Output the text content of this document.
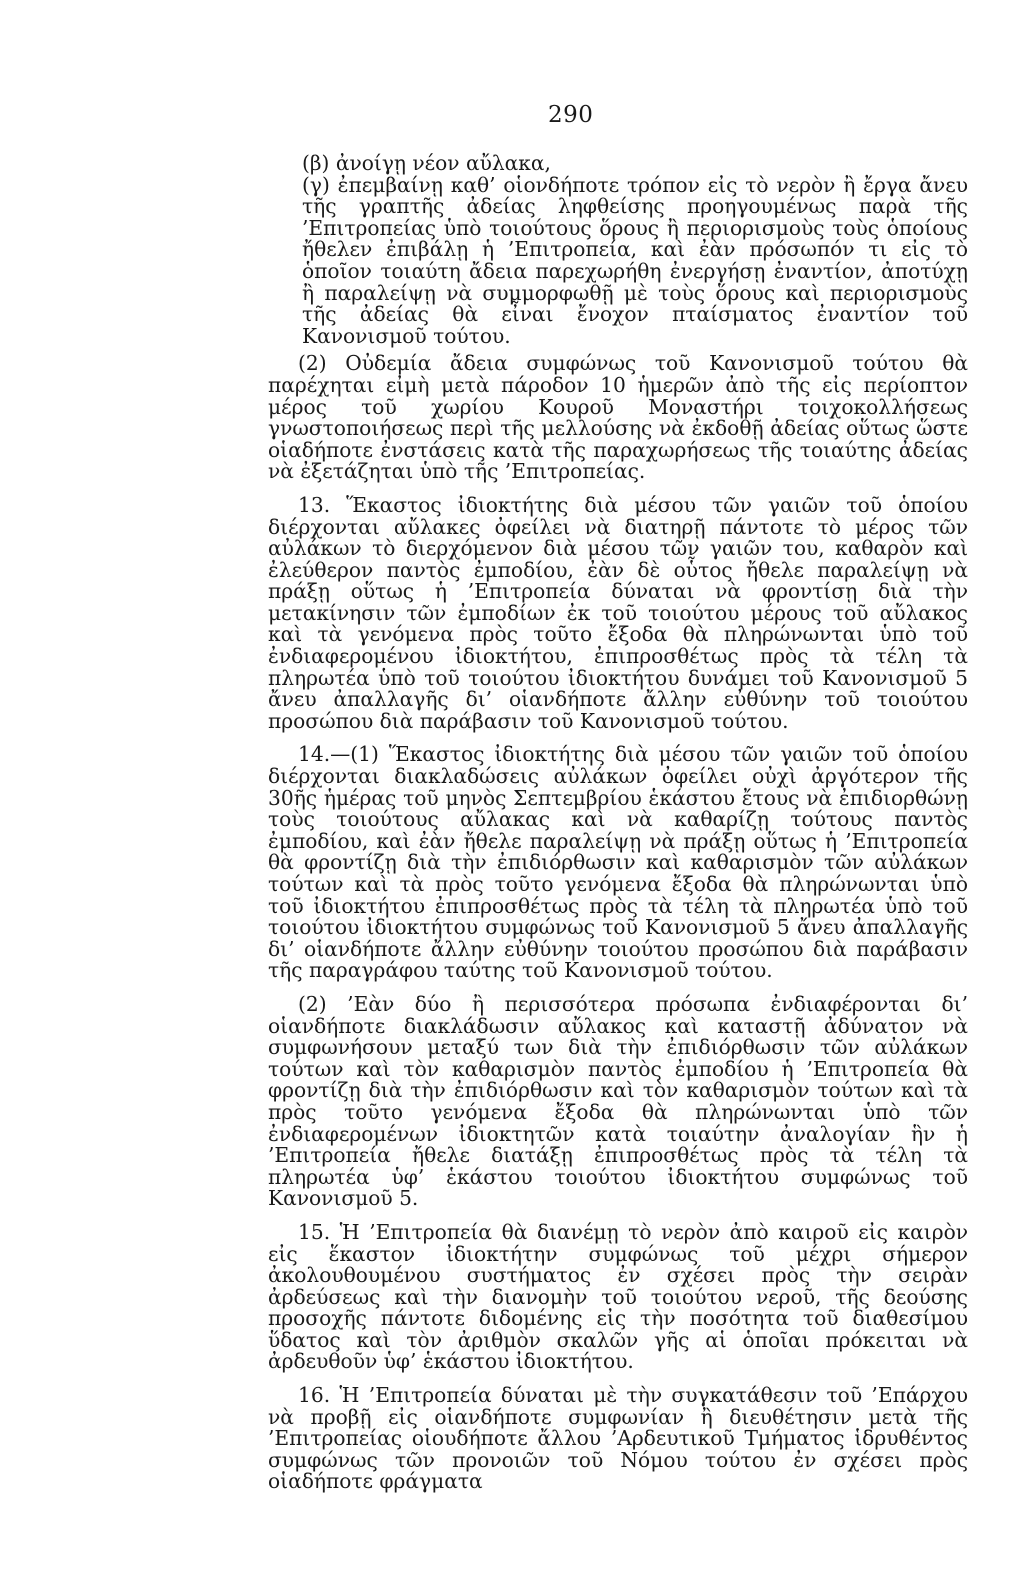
290

(β) ἀνοίγῃ νέον αὔλακα,

(γ) ἐπεμβαίνῃ καθ’ οἱονδήποτε τρόπον εἰς τὸ νερὸν ἢ ἔργα ἄνευ τῆς γραπτῆς ἀδείας ληφθείσης προηγουμένως παρὰ τῆς ’Επιτροπείας ὑπὸ τοιούτους ὅρους ἢ περιορισμοὺς τοὺς ὁποίους ἤθελεν ἐπιβάλῃ ἡ ’Επιτροπεία, καὶ ἐὰν πρόσωπόν τι εἰς τὸ ὁποῖον τοιαύτη ἄδεια παρεχωρήθη ἐνεργήσῃ ἐναντίον, ἀποτύχῃ ἢ παραλείψῃ νὰ συμμορφωθῇ μὲ τοὺς ὅρους καὶ περιορισμοὺς τῆς ἀδείας θὰ εἶναι ἔνοχον πταίσματος ἐναντίον τοῦ Κανονισμοῦ τούτου.

(2) Οὐδεμία ἄδεια συμφώνως τοῦ Κανονισμοῦ τούτου θὰ παρέχηται εἰμὴ μετὰ πάροδον 10 ἡμερῶν ἀπὸ τῆς εἰς περίοπτον μέρος τοῦ χωρίου Κουροῦ Μοναστήρι τοιχοκολλήσεως γνωστοποιήσεως περὶ τῆς μελλούσης νὰ ἐκδοθῇ ἀδείας οὕτως ὥστε οἱαδήποτε ἐνστάσεις κατὰ τῆς παραχωρήσεως τῆς τοιαύτης ἀδείας νὰ ἐξετάζηται ὑπὸ τῆς ’Επιτροπείας.

13. Ἕκαστος ἰδιοκτήτης διὰ μέσου τῶν γαιῶν τοῦ ὁποίου διέρχονται αὔλακες ὀφείλει νὰ διατηρῇ πάντοτε τὸ μέρος τῶν αὐλάκων τὸ διερχόμενον διὰ μέσου τῶν γαιῶν του, καθαρὸν καὶ ἐλεύθερον παντὸς ἐμποδίου, ἐὰν δὲ οὗτος ἤθελε παραλείψῃ νὰ πράξῃ οὕτως ἡ ’Επιτροπεία δύναται νὰ φροντίσῃ διὰ τὴν μετακίνησιν τῶν ἐμποδίων ἐκ τοῦ τοιούτου μέρους τοῦ αὔλακος καὶ τὰ γενόμενα πρὸς τοῦτο ἔξοδα θὰ πληρώνωνται ὑπὸ τοῦ ἐνδιαφερομένου ἰδιοκτήτου, ἐπιπροσθέτως πρὸς τὰ τέλη τὰ πληρωτέα ὑπὸ τοῦ τοιούτου ἰδιοκτήτου δυνάμει τοῦ Κανονισμοῦ 5 ἄνευ ἀπαλλαγῆς δι’ οἱανδήποτε ἄλλην εὐθύνην τοῦ τοιούτου προσώπου διὰ παράβασιν τοῦ Κανονισμοῦ τούτου.

14.—(1) Ἕκαστος ἰδιοκτήτης διὰ μέσου τῶν γαιῶν τοῦ ὁποίου διέρχονται διακλαδώσεις αὐλάκων ὀφείλει οὐχὶ ἀργότερον τῆς 30ῆς ἡμέρας τοῦ μηνὸς Σεπτεμβρίου ἑκάστου ἔτους νὰ ἐπιδιορθώνῃ τοὺς τοιούτους αὔλακας καὶ νὰ καθαρίζῃ τούτους παντὸς ἐμποδίου, καὶ ἐὰν ἤθελε παραλείψῃ νὰ πράξῃ οὕτως ἡ ’Επιτροπεία θὰ φροντίζῃ διὰ τὴν ἐπιδιόρθωσιν καὶ καθαρισμὸν τῶν αὐλάκων τούτων καὶ τὰ πρὸς τοῦτο γενόμενα ἔξοδα θὰ πληρώνωνται ὑπὸ τοῦ ἰδιοκτήτου ἐπιπροσθέτως πρὸς τὰ τέλη τὰ πληρωτέα ὑπὸ τοῦ τοιούτου ἰδιοκτήτου συμφώνως τοῦ Κανονισμοῦ 5 ἄνευ ἀπαλλαγῆς δι’ οἱανδήποτε ἄλλην εὐθύνην τοιούτου προσώπου διὰ παράβασιν τῆς παραγράφου ταύτης τοῦ Κανονισμοῦ τούτου.

(2) ’Εὰν δύο ἢ περισσότερα πρόσωπα ἐνδιαφέρονται δι’ οἱανδήποτε διακλάδωσιν αὔλακος καὶ καταστῇ ἀδύνατον νὰ συμφωνήσουν μεταξύ των διὰ τὴν ἐπιδιόρθωσιν τῶν αὐλάκων τούτων καὶ τὸν καθαρισμὸν παντὸς ἐμποδίου ἡ ’Επιτροπεία θὰ φροντίζῃ διὰ τὴν ἐπιδιόρθωσιν καὶ τὸν καθαρισμὸν τούτων καὶ τὰ πρὸς τοῦτο γενόμενα ἔξοδα θὰ πληρώνωνται ὑπὸ τῶν ἐνδιαφερομένων ἰδιοκτητῶν κατὰ τοιαύτην ἀναλογίαν ἣν ἡ ’Επιτροπεία ἤθελε διατάξῃ ἐπιπροσθέτως πρὸς τὰ τέλη τὰ πληρωτέα ὑφ’ ἑκάστου τοιούτου ἰδιοκτήτου συμφώνως τοῦ Κανονισμοῦ 5.

15. Ἡ ’Επιτροπεία θὰ διανέμῃ τὸ νερὸν ἀπὸ καιροῦ εἰς καιρὸν εἰς ἕκαστον ἰδιοκτήτην συμφώνως τοῦ μέχρι σήμερον ἀκολουθουμένου συστήματος ἐν σχέσει πρὸς τὴν σειρὰν ἀρδεύσεως καὶ τὴν διανομὴν τοῦ τοιούτου νεροῦ, τῆς δεούσης προσοχῆς πάντοτε διδομένης εἰς τὴν ποσότητα τοῦ διαθεσίμου ὕδατος καὶ τὸν ἀριθμὸν σκαλῶν γῆς αἱ ὁποῖαι πρόκειται νὰ ἀρδευθοῦν ὑφ’ ἑκάστου ἰδιοκτήτου.

16. Ἡ ’Επιτροπεία δύναται μὲ τὴν συγκατάθεσιν τοῦ ’Επάρχου νὰ προβῇ εἰς οἱανδήποτε συμφωνίαν ἢ διευθέτησιν μετὰ τῆς ’Επιτροπείας οἱουδήποτε ἄλλου ’Αρδευτικοῦ Τμήματος ἱδρυθέντος συμφώνως τῶν προνοιῶν τοῦ Νόμου τούτου ἐν σχέσει πρὸς οἱαδήποτε φράγματα
